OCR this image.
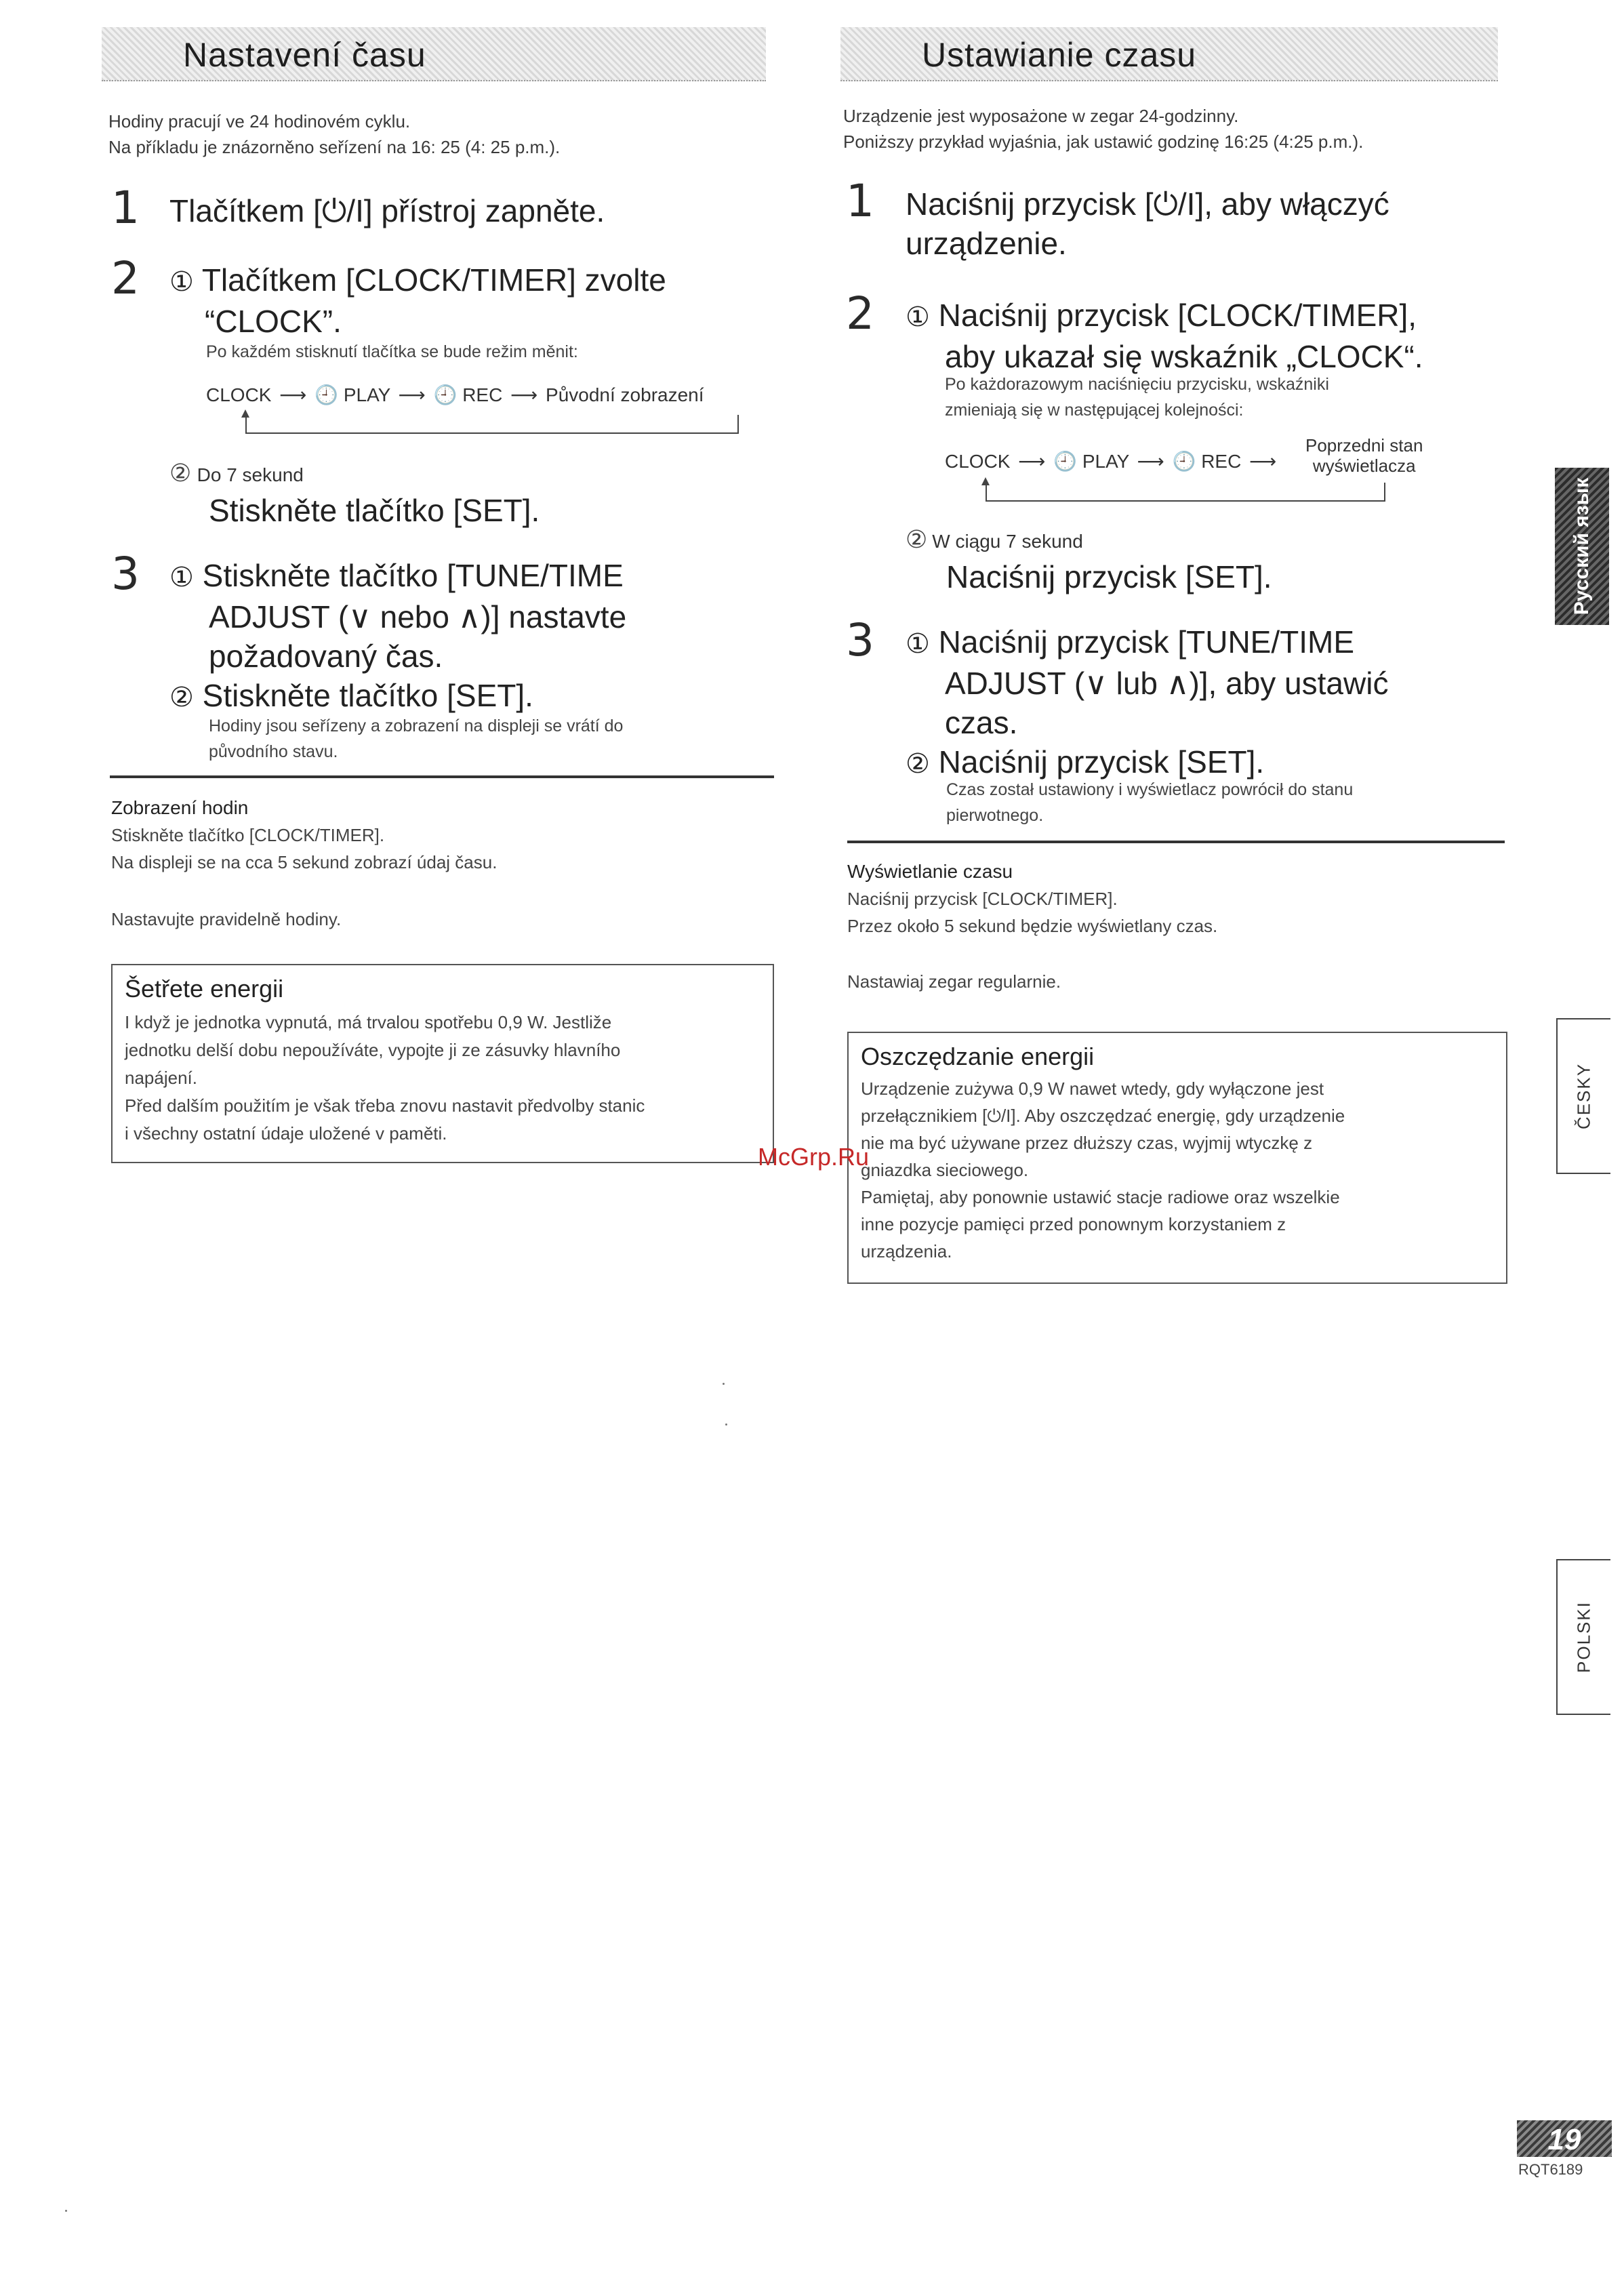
Nastavení času
Hodiny pracují ve 24 hodinovém cyklu.
Na příkladu je znázorněno seřízení na 16: 25 (4: 25 p.m.).
1 Tlačítkem [⏻/I] přístroj zapněte.
2 ① Tlačítkem [CLOCK/TIMER] zvolte
“CLOCK”.
Po každém stisknutí tlačítka se bude režim měnit:
CLOCK ⟶ 🕘 PLAY ⟶ 🕘 REC ⟶ Původní zobrazení
② Do 7 sekund
Stiskněte tlačítko [SET].
3 ① Stiskněte tlačítko [TUNE/TIME
ADJUST (∨ nebo ∧)] nastavte
požadovaný čas.
② Stiskněte tlačítko [SET].
Hodiny jsou seřízeny a zobrazení na displeji se vrátí do
původního stavu.
Zobrazení hodin
Stiskněte tlačítko [CLOCK/TIMER].
Na displeji se na cca 5 sekund zobrazí údaj času.
Nastavujte pravidelně hodiny.
Šetřete energii
I když je jednotka vypnutá, má trvalou spotřebu 0,9 W. Jestliže
jednotku delší dobu nepoužíváte, vypojte ji ze zásuvky hlavního
napájení.
Před dalším použitím je však třeba znovu nastavit předvolby stanic
i všechny ostatní údaje uložené v paměti.
Ustawianie czasu
Urządzenie jest wyposażone w zegar 24-godzinny.
Poniższy przykład wyjaśnia, jak ustawić godzinę 16:25 (4:25 p.m.).
1 Naciśnij przycisk [⏻/I], aby włączyć
urządzenie.
2 ① Naciśnij przycisk [CLOCK/TIMER],
aby ukazał się wskaźnik „CLOCK“.
Po każdorazowym naciśnięciu przycisku, wskaźniki
zmieniają się w następującej kolejności:
CLOCK ⟶ 🕘 PLAY ⟶ 🕘 REC ⟶
Poprzedni stan
wyświetlacza
② W ciągu 7 sekund
Naciśnij przycisk [SET].
3 ① Naciśnij przycisk [TUNE/TIME
ADJUST (∨ lub ∧)], aby ustawić
czas.
② Naciśnij przycisk [SET].
Czas został ustawiony i wyświetlacz powrócił do stanu
pierwotnego.
Wyświetlanie czasu
Naciśnij przycisk [CLOCK/TIMER].
Przez około 5 sekund będzie wyświetlany czas.
Nastawiaj zegar regularnie.
Oszczędzanie energii
Urządzenie zużywa 0,9 W nawet wtedy, gdy wyłączone jest
przełącznikiem [⏻/I]. Aby oszczędzać energię, gdy urządzenie
nie ma być używane przez dłuższy czas, wyjmij wtyczkę z
gniazdka sieciowego.
Pamiętaj, aby ponownie ustawić stacje radiowe oraz wszelkie
inne pozycje pamięci przed ponownym korzystaniem z
urządzenia.
Русский язык
ČESKY
POLSKI
19
RQT6189
McGrp.Ru
